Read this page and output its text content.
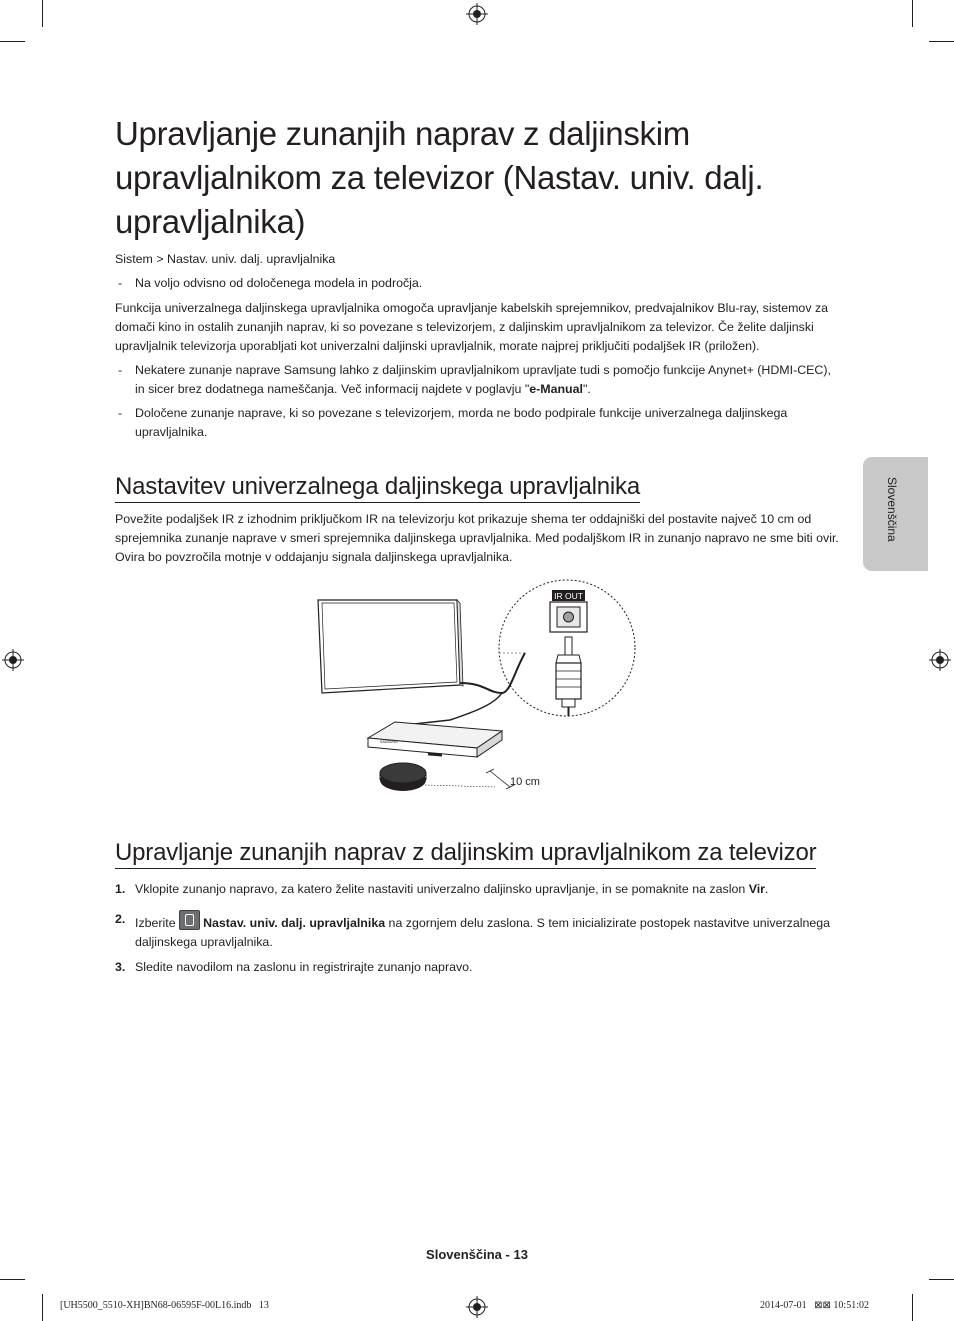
Upravljanje zunanjih naprav z daljinskim
upravljalnikom za televizor (Nastav. univ. dalj.
upravljalnika)
Sistem > Nastav. univ. dalj. upravljalnika
- Na voljo odvisno od določenega modela in področja.
Funkcija univerzalnega daljinskega upravljalnika omogoča upravljanje kabelskih sprejemnikov, predvajalnikov Blu-ray, sistemov za domači kino in ostalih zunanjih naprav, ki so povezane s televizorjem, z daljinskim upravljalnikom za televizor. Če želite daljinski upravljalnik televizorja uporabljati kot univerzalni daljinski upravljalnik, morate najprej priključiti podaljšek IR (priložen).
- Nekatere zunanje naprave Samsung lahko z daljinskim upravljalnikom upravljate tudi s pomočjo funkcije Anynet+ (HDMI-CEC), in sicer brez dodatnega nameščanja. Več informacij najdete v poglavju "e-Manual".
- Določene zunanje naprave, ki so povezane s televizorjem, morda ne bodo podpirale funkcije univerzalnega daljinskega upravljalnika.
Nastavitev univerzalnega daljinskega upravljalnika
Povežite podaljšek IR z izhodnim priključkom IR na televizorju kot prikazuje shema ter oddajniški del postavite največ 10 cm od sprejemnika zunanje naprave v smeri sprejemnika daljinskega upravljalnika. Med podaljškom IR in zunanjo napravo ne sme biti ovir. Ovira bo povzročila motnje v oddajanju signala daljinskega upravljalnika.
IR OUT
SAMSUNG
10 cm
Upravljanje zunanjih naprav z daljinskim upravljalnikom za televizor
1. Vklopite zunanjo napravo, za katero želite nastaviti univerzalno daljinsko upravljanje, in se pomaknite na zaslon Vir.
2. Izberite Nastav. univ. dalj. upravljalnika na zgornjem delu zaslona. S tem inicializirate postopek nastavitve univerzalnega daljinskega upravljalnika.
3. Sledite navodilom na zaslonu in registrirajte zunanjo napravo.
Slovenščina
Slovenščina - 13
[UH5500_5510-XH]BN68-06595F-00L16.indb   13	2014-07-01   ⊠⊠ 10:51:02
